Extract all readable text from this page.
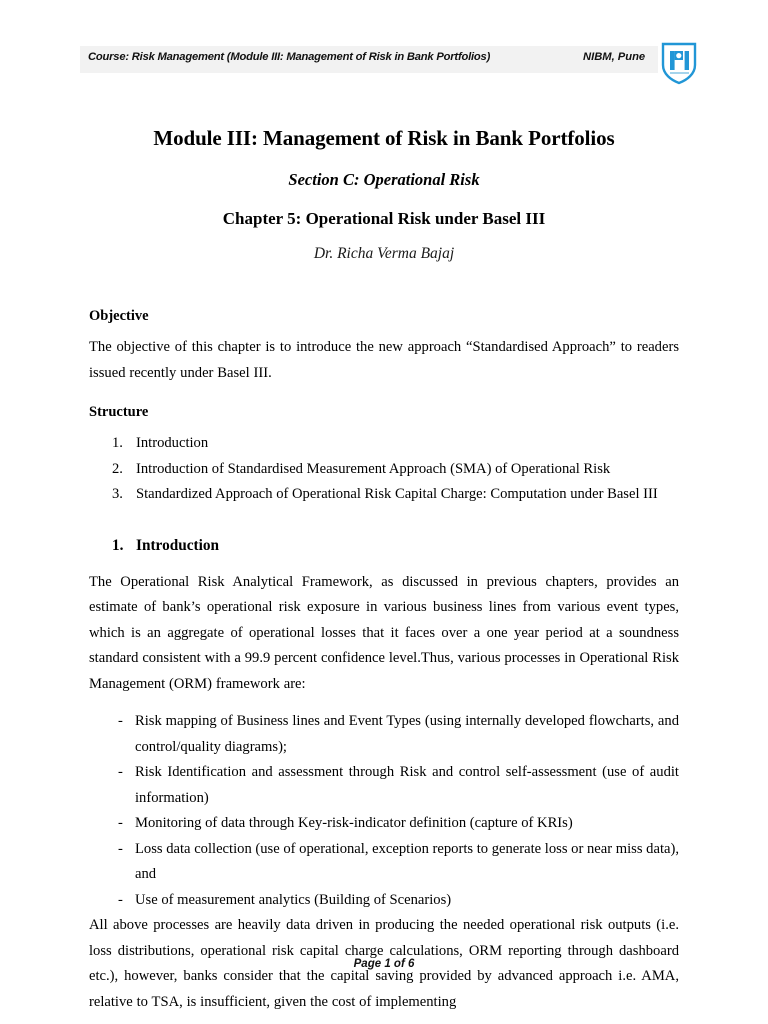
Course: Risk Management (Module III: Management of Risk in Bank Portfolios)	NIBM, Pune
Module III: Management of Risk in Bank Portfolios
Section C: Operational Risk
Chapter 5: Operational Risk under Basel III
Dr. Richa Verma Bajaj
Objective

The objective of this chapter is to introduce the new approach “Standardised Approach” to readers issued recently under Basel III.

Structure
1. Introduction
2. Introduction of Standardised Measurement Approach (SMA) of Operational Risk
3. Standardized Approach of Operational Risk Capital Charge: Computation under Basel III
1. Introduction

The Operational Risk Analytical Framework, as discussed in previous chapters, provides an estimate of bank’s operational risk exposure in various business lines from various event types, which is an aggregate of operational losses that it faces over a one year period at a soundness standard consistent with a 99.9 percent confidence level.Thus, various processes in Operational Risk Management (ORM) framework are:

- Risk mapping of Business lines and Event Types (using internally developed flowcharts, and control/quality diagrams);
- Risk Identification and assessment through Risk and control self-assessment (use of audit information)
- Monitoring of data through Key-risk-indicator definition (capture of KRIs)
- Loss data collection (use of operational, exception reports to generate loss or near miss data), and
- Use of measurement analytics (Building of Scenarios)

All above processes are heavily data driven in producing the needed operational risk outputs (i.e. loss distributions, operational risk capital charge calculations, ORM reporting through dashboard etc.), however, banks consider that the capital saving provided by advanced approach i.e. AMA, relative to TSA, is insufficient, given the cost of implementing

Page 1 of 6
